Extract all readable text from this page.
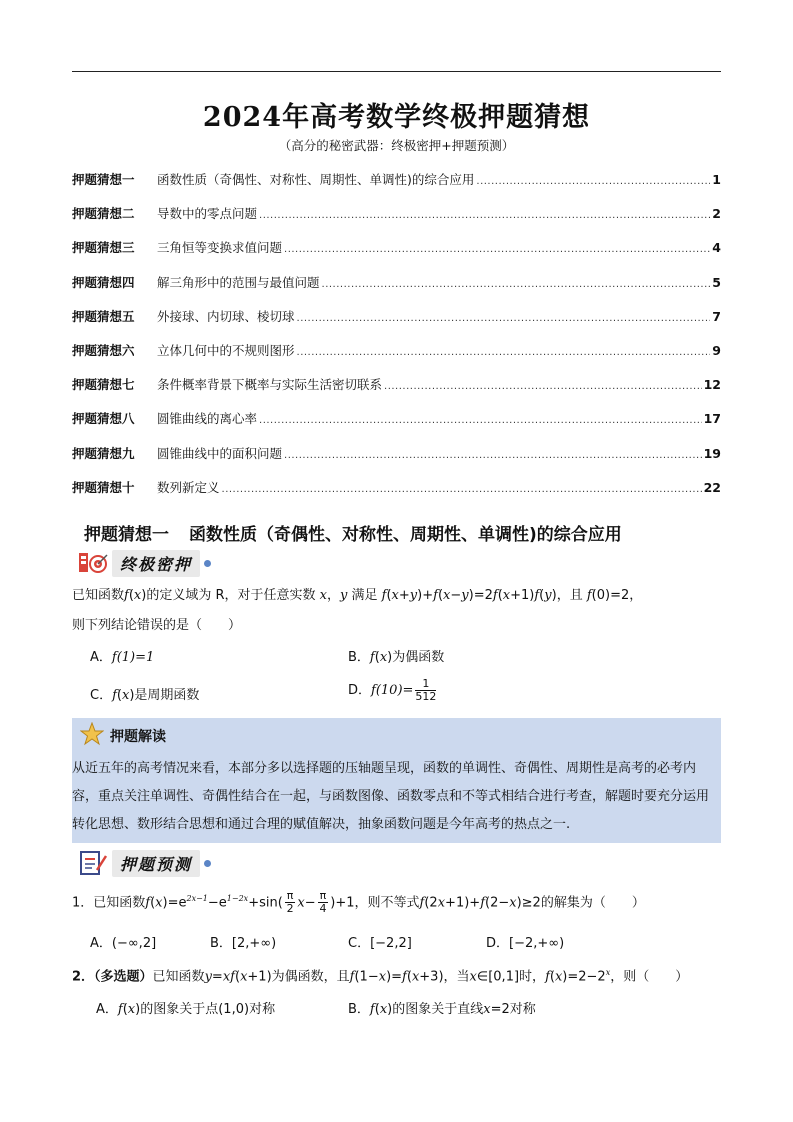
2024年高考数学终极押题猜想
（高分的秘密武器：终极密押+押题预测）
押题猜想一	函数性质（奇偶性、对称性、周期性、单调性)的综合应用 .....	1
押题猜想二	导数中的零点问题 .....	2
押题猜想三	三角恒等变换求值问题 .....	4
押题猜想四	解三角形中的范围与最值问题 .....	5
押题猜想五	外接球、内切球、棱切球 .....	7
押题猜想六	立体几何中的不规则图形 .....	9
押题猜想七	条件概率背景下概率与实际生活密切联系 .....	12
押题猜想八	圆锥曲线的离心率 .....	17
押题猜想九	圆锥曲线中的面积问题 .....	19
押题猜想十	数列新定义 .....	22
押题猜想一 函数性质（奇偶性、对称性、周期性、单调性)的综合应用
终极密押
已知函数f(x)的定义域为 R，对于任意实数 x，y 满足 f(x+y)+f(x−y)=2f(x+1)f(y)，且 f(0)=2，
则下列结论错误的是（　　）
A．f(1)=1	B．f(x)为偶函数
C．f(x)是周期函数	D．$f(10)= \frac{1}{512}$
押题解读
从近五年的高考情况来看，本部分多以选择题的压轴题呈现，函数的单调性、奇偶性、周期性是高考的必考内容，重点关注单调性、奇偶性结合在一起，与函数图像、函数零点和不等式相结合进行考查，解题时要充分运用转化思想、数形结合思想和通过合理的赋值解决，抽象函数问题是今年高考的热点之一.
押题预测
1．已知函数$f(x)=e^{2x-1}-e^{1-2x}+\sin( \frac{\pi}{2} x- \frac{\pi}{4} )+1$，则不等式f(2x+1)+f(2−x)≥2的解集为（　　）
A．(−∞,2]	B．[2,+∞)	C．[−2,2]	D．[−2,+∞)
2．（多选题）已知函数y=xf(x+1)为偶函数，且f(1−x)=f(x+3)，当x∈[0,1]时，$f(x)=2-2^x$，则（　　）
A．f(x)的图象关于点(1,0)对称	B．f(x)的图象关于直线x=2对称
